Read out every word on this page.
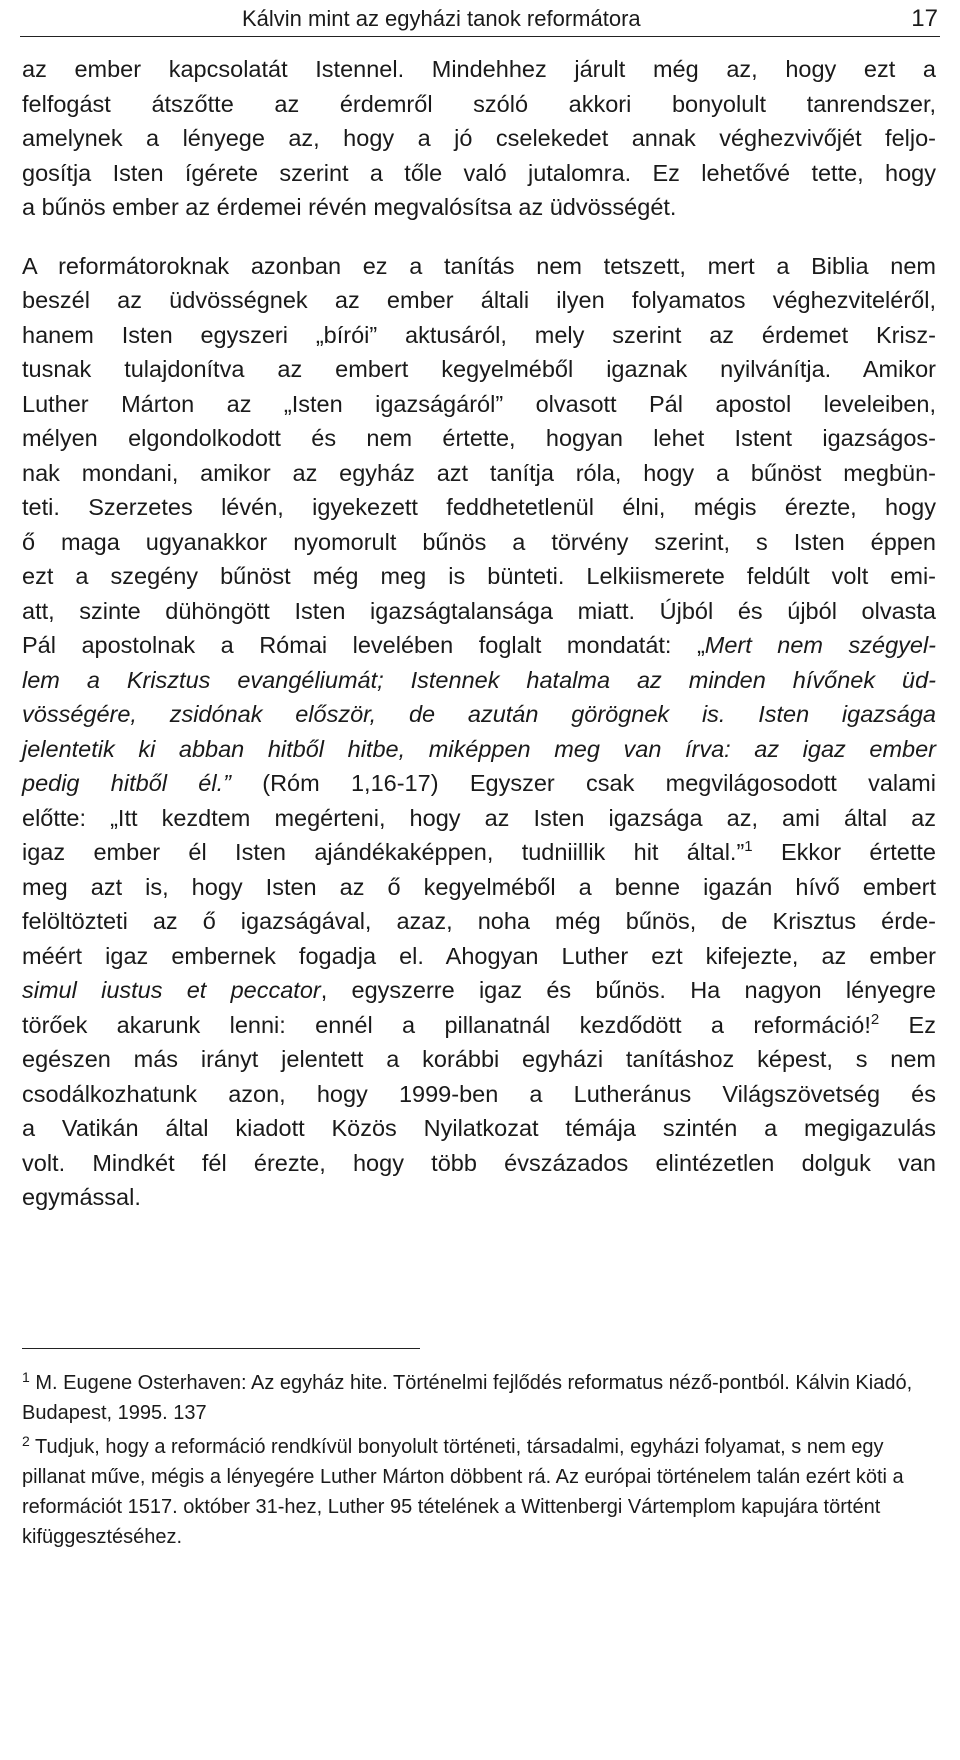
Kálvin mint az egyházi tanok reformátora	17

az ember kapcsolatát Istennel. Mindehhez járult még az, hogy ezt a
felfogást átszőtte az érdemről szóló akkori bonyolult tanrendszer,
amelynek a lényege az, hogy a jó cselekedet annak véghezvivőjét feljo-
gosítja Isten ígérete szerint a tőle való jutalomra. Ez lehetővé tette, hogy
a bűnös ember az érdemei révén megvalósítsa az üdvösségét.

A reformátoroknak azonban ez a tanítás nem tetszett, mert a Biblia nem
beszél az üdvösségnek az ember általi ilyen folyamatos véghezviteléről,
hanem Isten egyszeri „bírói” aktusáról, mely szerint az érdemet Krisz-
tusnak tulajdonítva az embert kegyelméből igaznak nyilvánítja. Amikor
Luther Márton az „Isten igazságáról” olvasott Pál apostol leveleiben,
mélyen elgondolkodott és nem értette, hogyan lehet Istent igazságos-
nak mondani, amikor az egyház azt tanítja róla, hogy a bűnöst megbün-
teti. Szerzetes lévén, igyekezett feddhetetlenül élni, mégis érezte, hogy
ő maga ugyanakkor nyomorult bűnös a törvény szerint, s Isten éppen
ezt a szegény bűnöst még meg is bünteti. Lelkiismerete feldúlt volt emi-
att, szinte dühöngött Isten igazságtalansága miatt. Újból és újból olvasta
Pál apostolnak a Római levelében foglalt mondatát: „Mert nem szégyel-
lem a Krisztus evangéliumát; Istennek hatalma az minden hívőnek üd-
vösségére, zsidónak először, de azután görögnek is. Isten igazsága
jelentetik ki abban hitből hitbe, miképpen meg van írva: az igaz ember
pedig hitből él.” (Róm 1,16-17) Egyszer csak megvilágosodott valami
előtte: „Itt kezdtem megérteni, hogy az Isten igazsága az, ami által az
igaz ember él Isten ajándékaképpen, tudniillik hit által.”$^1$ Ekkor értette
meg azt is, hogy Isten az ő kegyelméből a benne igazán hívő embert
felöltözteti az ő igazságával, azaz, noha még bűnös, de Krisztus érde-
méért igaz embernek fogadja el. Ahogyan Luther ezt kifejezte, az ember
simul iustus et peccator, egyszerre igaz és bűnös. Ha nagyon lényegre
törőek akarunk lenni: ennél a pillanatnál kezdődött a reformáció!$^2$ Ez
egészen más irányt jelentett a korábbi egyházi tanításhoz képest, s nem
csodálkozhatunk azon, hogy 1999-ben a Lutheránus Világszövetség és
a Vatikán által kiadott Közös Nyilatkozat témája szintén a megigazulás
volt. Mindkét fél érezte, hogy több évszázados elintézetlen dolguk van
egymással.

$^1$ M. Eugene Osterhaven: Az egyház hite. Történelmi fejlődés reformatus néző-pontból. Kálvin Kiadó, Budapest, 1995. 137

$^2$ Tudjuk, hogy a reformáció rendkívül bonyolult történeti, társadalmi, egyházi folyamat, s nem egy pillanat műve, mégis a lényegére Luther Márton döbbent rá. Az európai történelem talán ezért köti a reformációt 1517. október 31-hez, Luther 95 tételének a Wittenbergi Vártemplom kapujára történt kifüggesztéséhez.
